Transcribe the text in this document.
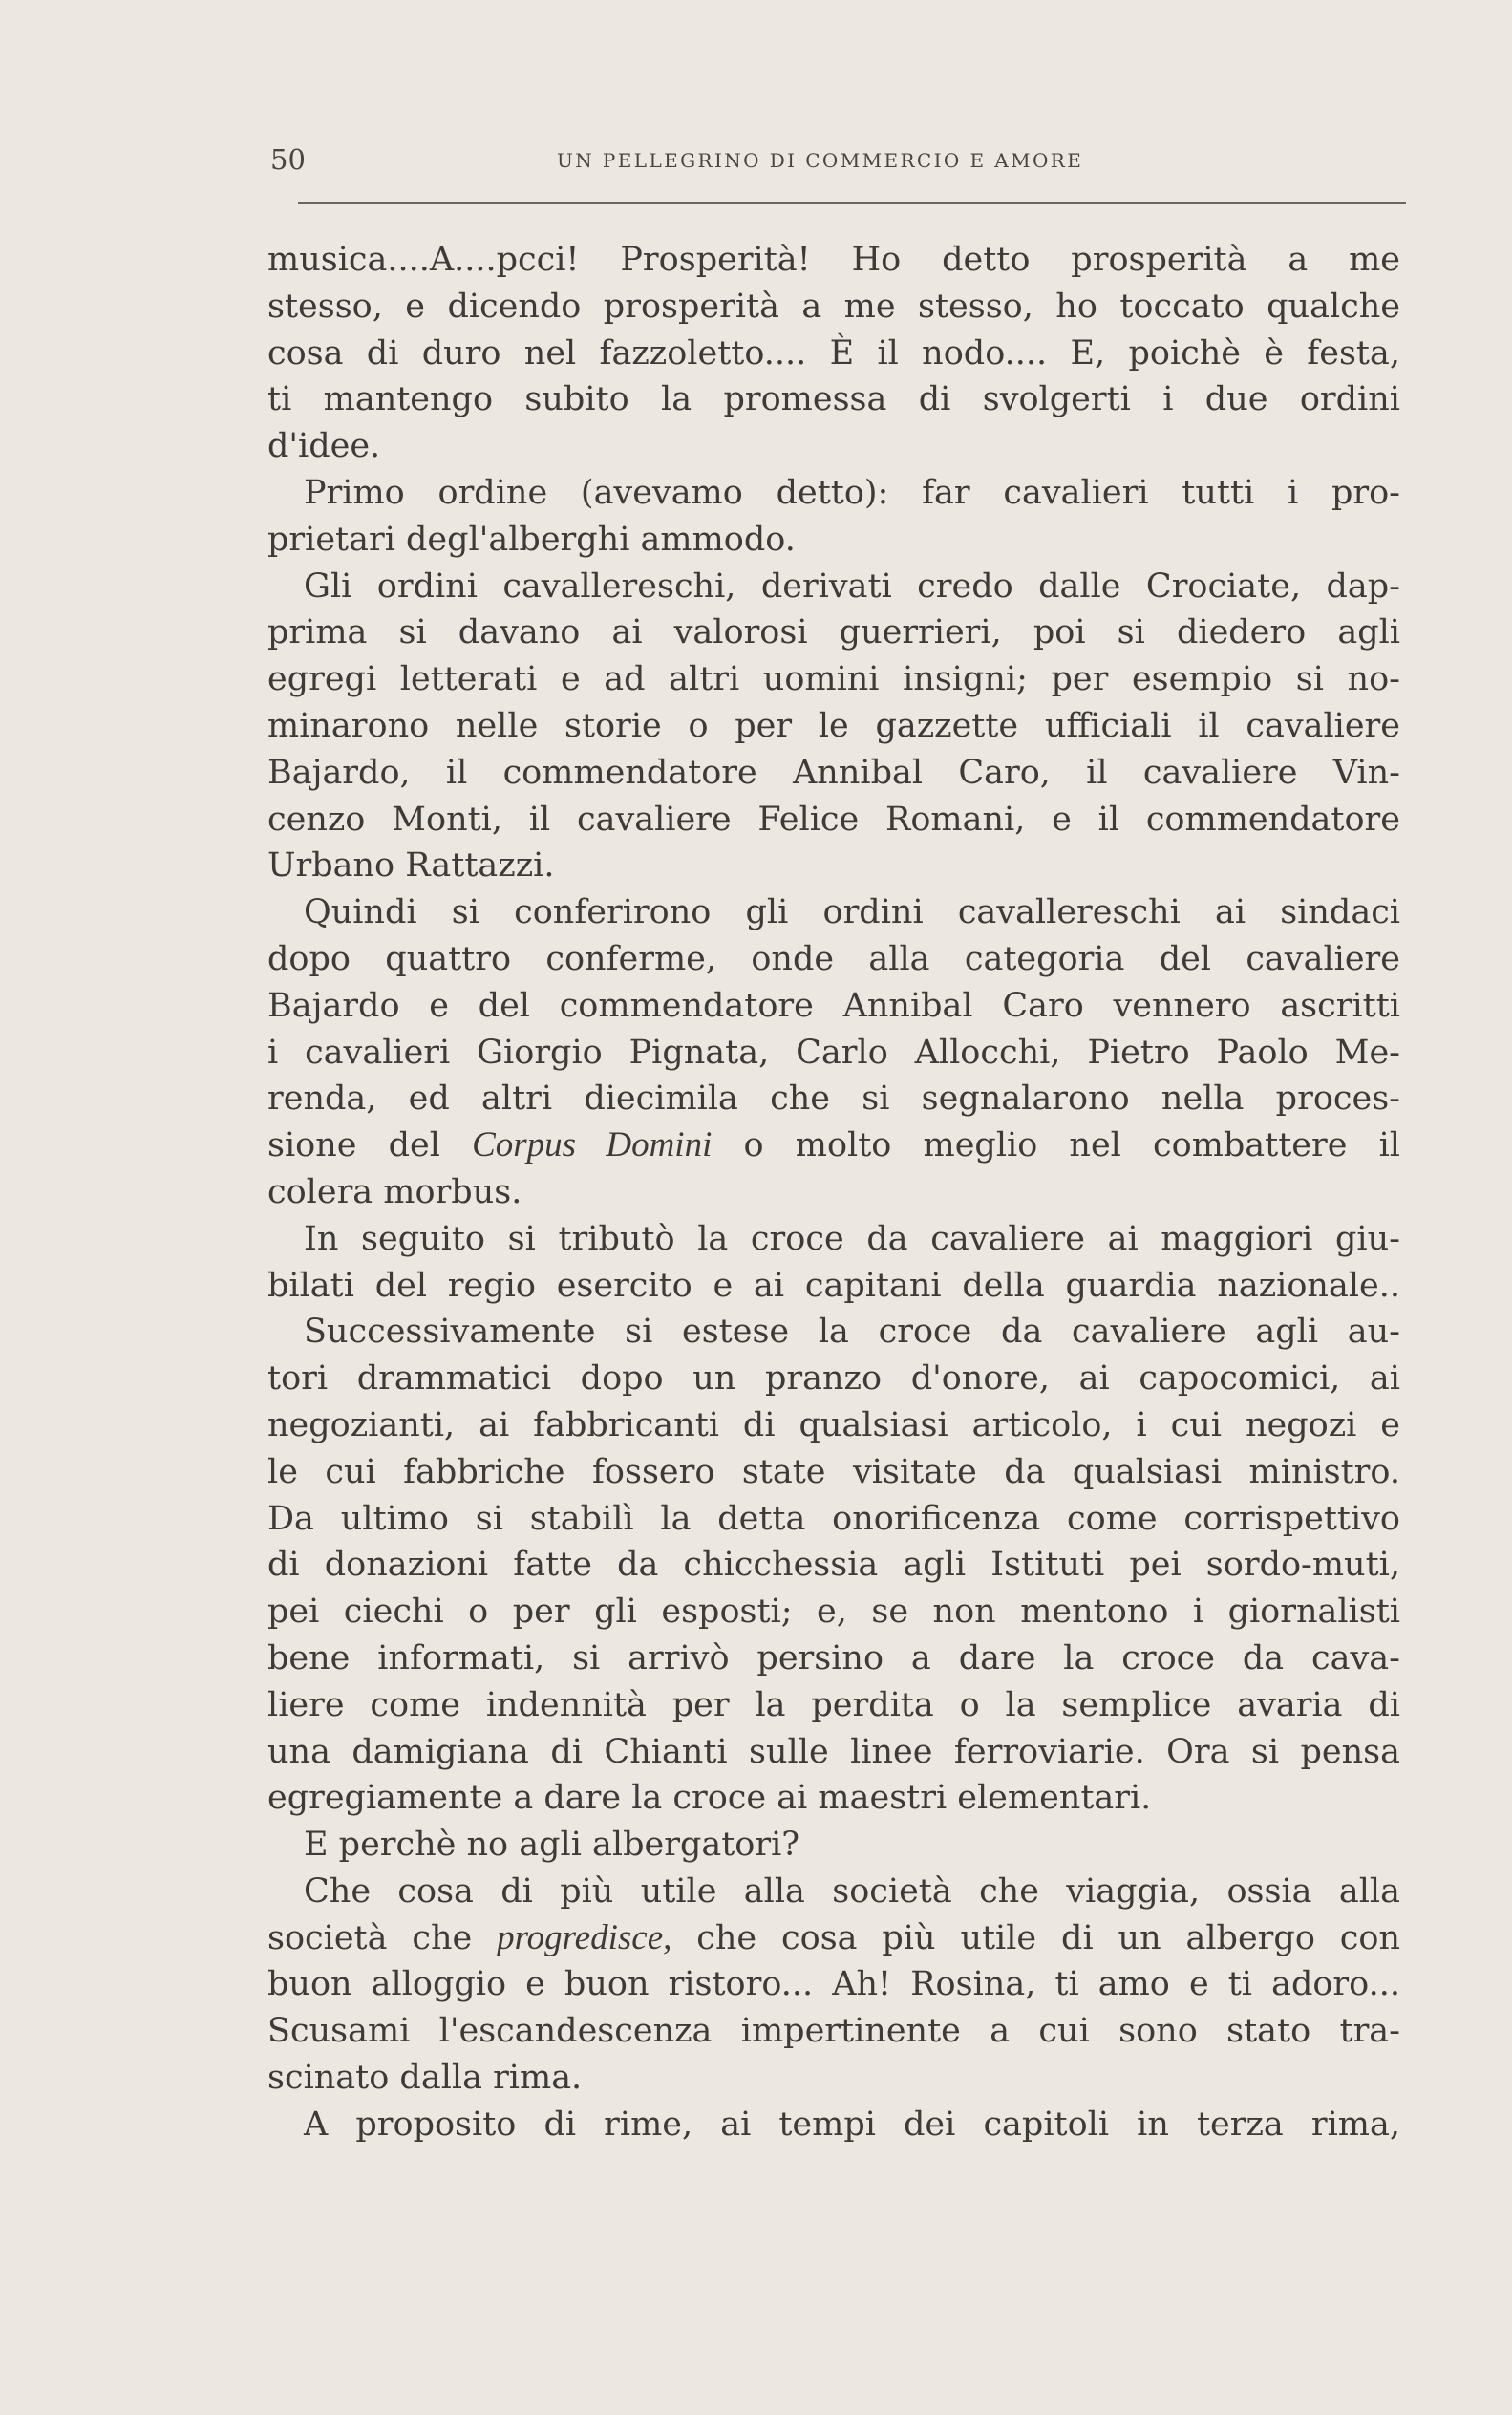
50	UN PELLEGRINO DI COMMERCIO E AMORE
musica....A....pcci! Prosperità! Ho detto prosperità a me
stesso, e dicendo prosperità a me stesso, ho toccato qualche
cosa di duro nel fazzoletto.... È il nodo.... E, poichè è festa,
ti mantengo subito la promessa di svolgerti i due ordini
d'idee.
Primo ordine (avevamo detto): far cavalieri tutti i pro-
prietari degl'alberghi ammodo.
Gli ordini cavallereschi, derivati credo dalle Crociate, dap-
prima si davano ai valorosi guerrieri, poi si diedero agli
egregi letterati e ad altri uomini insigni; per esempio si no-
minarono nelle storie o per le gazzette ufficiali il cavaliere
Bajardo, il commendatore Annibal Caro, il cavaliere Vin-
cenzo Monti, il cavaliere Felice Romani, e il commendatore
Urbano Rattazzi.
Quindi si conferirono gli ordini cavallereschi ai sindaci
dopo quattro conferme, onde alla categoria del cavaliere
Bajardo e del commendatore Annibal Caro vennero ascritti
i cavalieri Giorgio Pignata, Carlo Allocchi, Pietro Paolo Me-
renda, ed altri diecimila che si segnalarono nella proces-
sione del Corpus Domini o molto meglio nel combattere il
colera morbus.
In seguito si tributò la croce da cavaliere ai maggiori giu-
bilati del regio esercito e ai capitani della guardia nazionale..
Successivamente si estese la croce da cavaliere agli au-
tori drammatici dopo un pranzo d'onore, ai capocomici, ai
negozianti, ai fabbricanti di qualsiasi articolo, i cui negozi e
le cui fabbriche fossero state visitate da qualsiasi ministro.
Da ultimo si stabilì la detta onorificenza come corrispettivo
di donazioni fatte da chicchessia agli Istituti pei sordo-muti,
pei ciechi o per gli esposti; e, se non mentono i giornalisti
bene informati, si arrivò persino a dare la croce da cava-
liere come indennità per la perdita o la semplice avaria di
una damigiana di Chianti sulle linee ferroviarie. Ora si pensa
egregiamente a dare la croce ai maestri elementari.
E perchè no agli albergatori?
Che cosa di più utile alla società che viaggia, ossia alla
società che progredisce, che cosa più utile di un albergo con
buon alloggio e buon ristoro... Ah! Rosina, ti amo e ti adoro...
Scusami l'escandescenza impertinente a cui sono stato tra-
scinato dalla rima.
A proposito di rime, ai tempi dei capitoli in terza rima,
